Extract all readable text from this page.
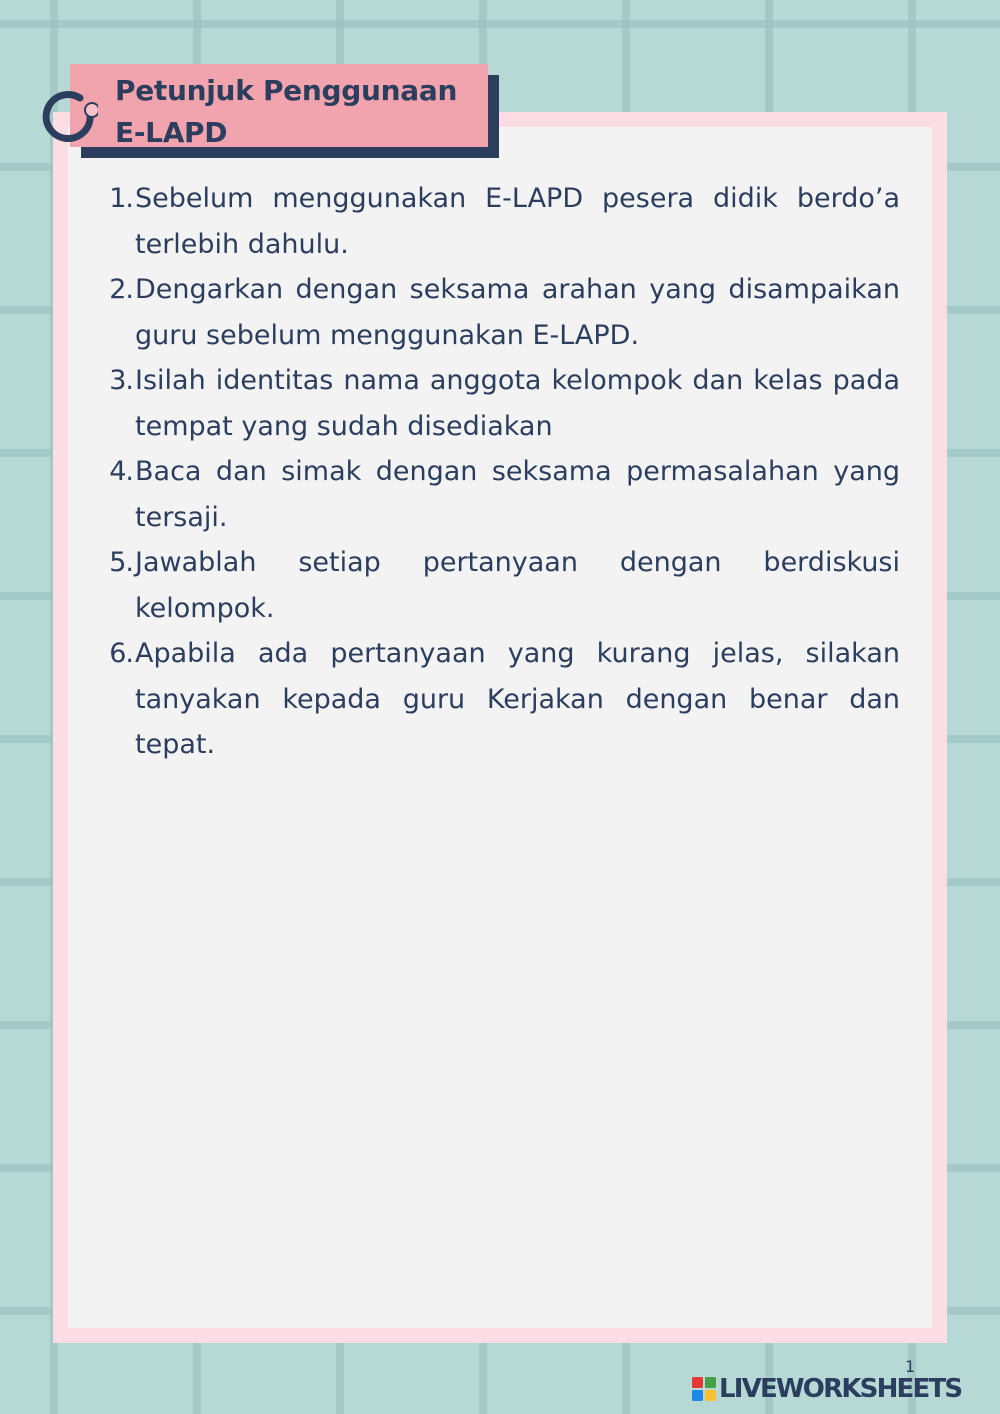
Petunjuk Penggunaan E-LAPD
1. Sebelum menggunakan E-LAPD pesera didik berdo’a terlebih dahulu.
2. Dengarkan dengan seksama arahan yang disampaikan guru sebelum menggunakan E-LAPD.
3. Isilah identitas nama anggota kelompok dan kelas pada tempat yang sudah disediakan
4. Baca dan simak dengan seksama permasalahan yang tersaji.
5. Jawablah setiap pertanyaan dengan berdiskusi kelompok.
6. Apabila ada pertanyaan yang kurang jelas, silakan tanyakan kepada guru Kerjakan dengan benar dan tepat.
1
LIVEWORKSHEETS
